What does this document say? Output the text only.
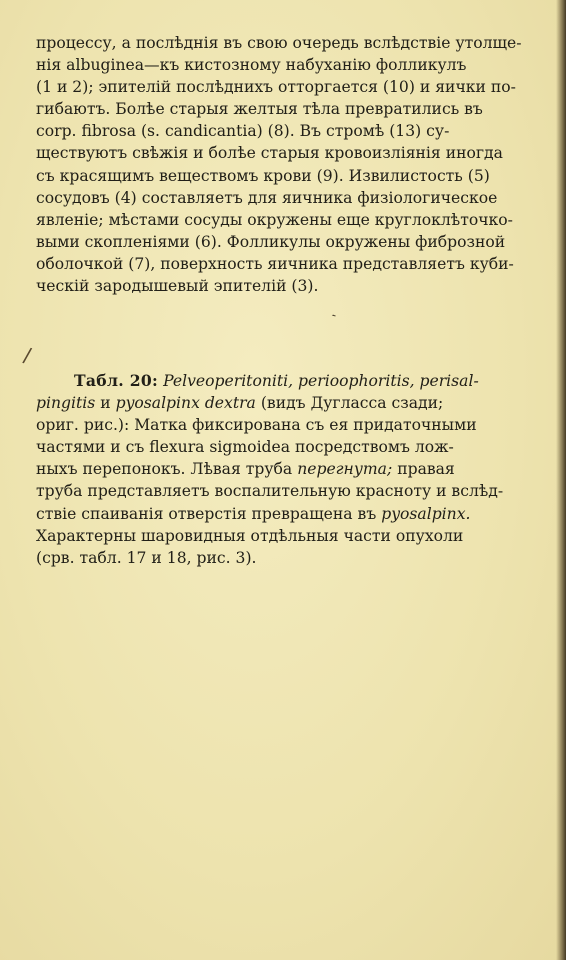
процессу, а послѣднія въ свою очередь вслѣдствіе утолще-
нія albuginea—къ кистозному набуханію фолликулъ
(1 и 2); эпителій послѣднихъ отторгается (10) и яички по-
гибаютъ. Болѣе старыя желтыя тѣла превратились въ
corp. fibrosa (s. candicantia) (8). Въ стромѣ (13) су-
ществуютъ свѣжія и болѣе старыя кровоизліянія иногда
съ красящимъ веществомъ крови (9). Извилистость (5)
сосудовъ (4) составляетъ для яичника физіологическое
явленіе; мѣстами сосуды окружены еще круглоклѣточко-
выми скопленіями (6). Фолликулы окружены фиброзной
оболочкой (7), поверхность яичника представляетъ куби-
ческій зародышевый эпителій (3).
ˎ
/
Табл. 20: Pelveoperitoniti, perioophoritis, perisal-
pingitis и pyosalpinx dextra (видъ Дугласса сзади;
ориг. рис.): Матка фиксирована съ ея придаточными
частями и съ flexura sigmoidea посредствомъ лож-
ныхъ перепонокъ. Лѣвая труба перегнута; правая
труба представляетъ воспалительную красноту и вслѣд-
ствіе спаиванія отверстія превращена въ pyosalpinx.
Характерны шаровидныя отдѣльныя части опухоли
(срв. табл. 17 и 18, рис. 3).
